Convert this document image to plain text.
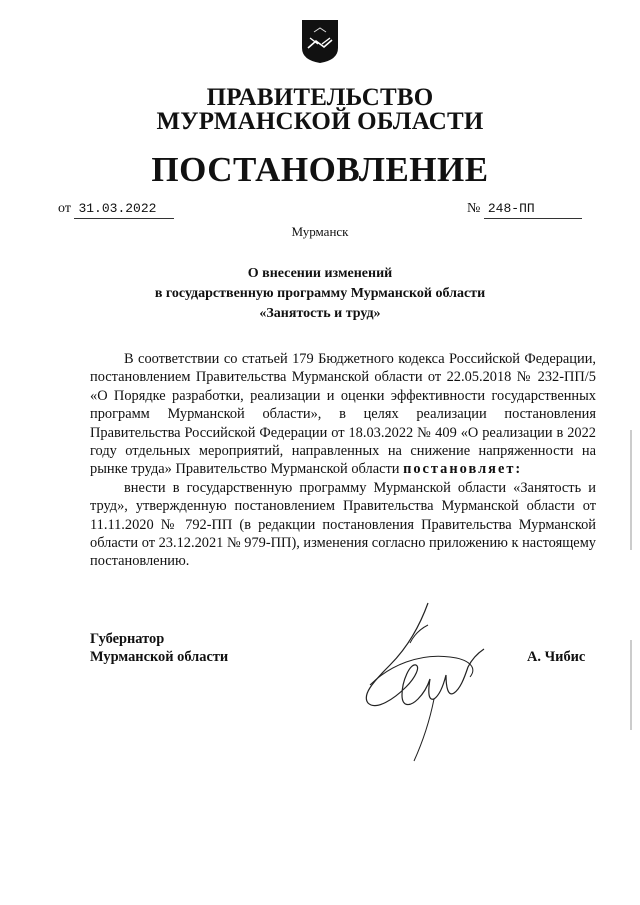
ПРАВИТЕЛЬСТВО
МУРМАНСКОЙ ОБЛАСТИ
ПОСТАНОВЛЕНИЕ
от 31.03.2022	№ 248-ПП
Мурманск
О внесении изменений
в государственную программу Мурманской области
«Занятость и труд»

В соответствии со статьей 179 Бюджетного кодекса Российской Федерации, постановлением Правительства Мурманской области от 22.05.2018 № 232-ПП/5 «О Порядке разработки, реализации и оценки эффективности государственных программ Мурманской области», в целях реализации постановления Правительства Российской Федерации от 18.03.2022 № 409 «О реализации в 2022 году отдельных мероприятий, направленных на снижение напряженности на рынке труда» Правительство Мурманской области постановляет:

внести в государственную программу Мурманской области «Занятость и труд», утвержденную постановлением Правительства Мурманской области от 11.11.2020 № 792-ПП (в редакции постановления Правительства Мурманской области от 23.12.2021 № 979-ПП), изменения согласно приложению к настоящему постановлению.

Губернатор
Мурманской области	А. Чибис
